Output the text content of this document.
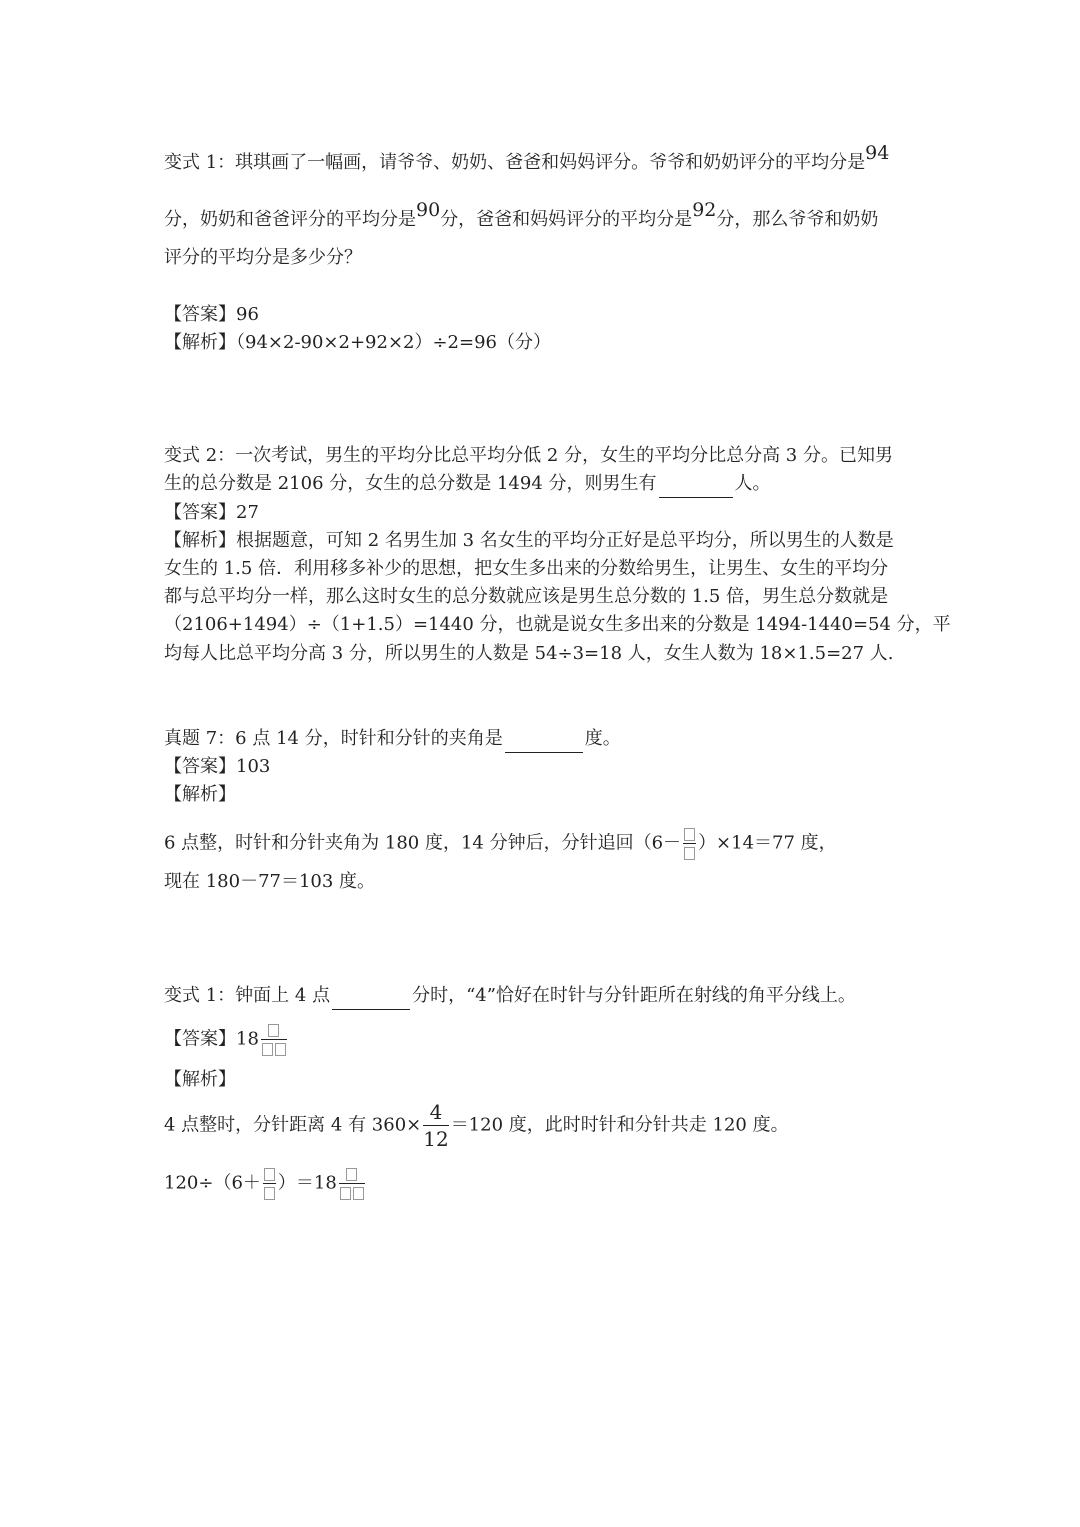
变式 1：琪琪画了一幅画，请爷爷、奶奶、爸爸和妈妈评分。爷爷和奶奶评分的平均分是94
分，奶奶和爸爸评分的平均分是90分，爸爸和妈妈评分的平均分是92分，那么爷爷和奶奶
评分的平均分是多少分？
【答案】96
【解析】（94×2-90×2+92×2）÷2=96（分）
变式 2：一次考试，男生的平均分比总平均分低 2 分，女生的平均分比总分高 3 分。已知男
生的总分数是 2106 分，女生的总分数是 1494 分，则男生有	人。
【答案】27
【解析】根据题意，可知 2 名男生加 3 名女生的平均分正好是总平均分，所以男生的人数是
女生的 1.5 倍．利用移多补少的思想，把女生多出来的分数给男生，让男生、女生的平均分
都与总平均分一样，那么这时女生的总分数就应该是男生总分数的 1.5 倍，男生总分数就是
（2106+1494）÷（1+1.5）=1440 分，也就是说女生多出来的分数是 1494-1440=54 分，平
均每人比总平均分高 3 分，所以男生的人数是 54÷3=18 人，女生人数为 18×1.5=27 人.
真题 7：6 点 14 分，时针和分针的夹角是	度。
【答案】103
【解析】
6 点整，时针和分针夹角为 180 度，14 分钟后，分针追回（6－ ）×14＝77 度，
现在 180－77＝103 度。
变式 1：钟面上 4 点	分时，“4”恰好在时针与分针距所在射线的角平分线上。
【答案】18
【解析】
4 点整时，分针距离 4 有 $360\times \frac{4}{12} =120$ 度，此时时针和分针共走 120 度。
120÷（6＋ ）＝18
